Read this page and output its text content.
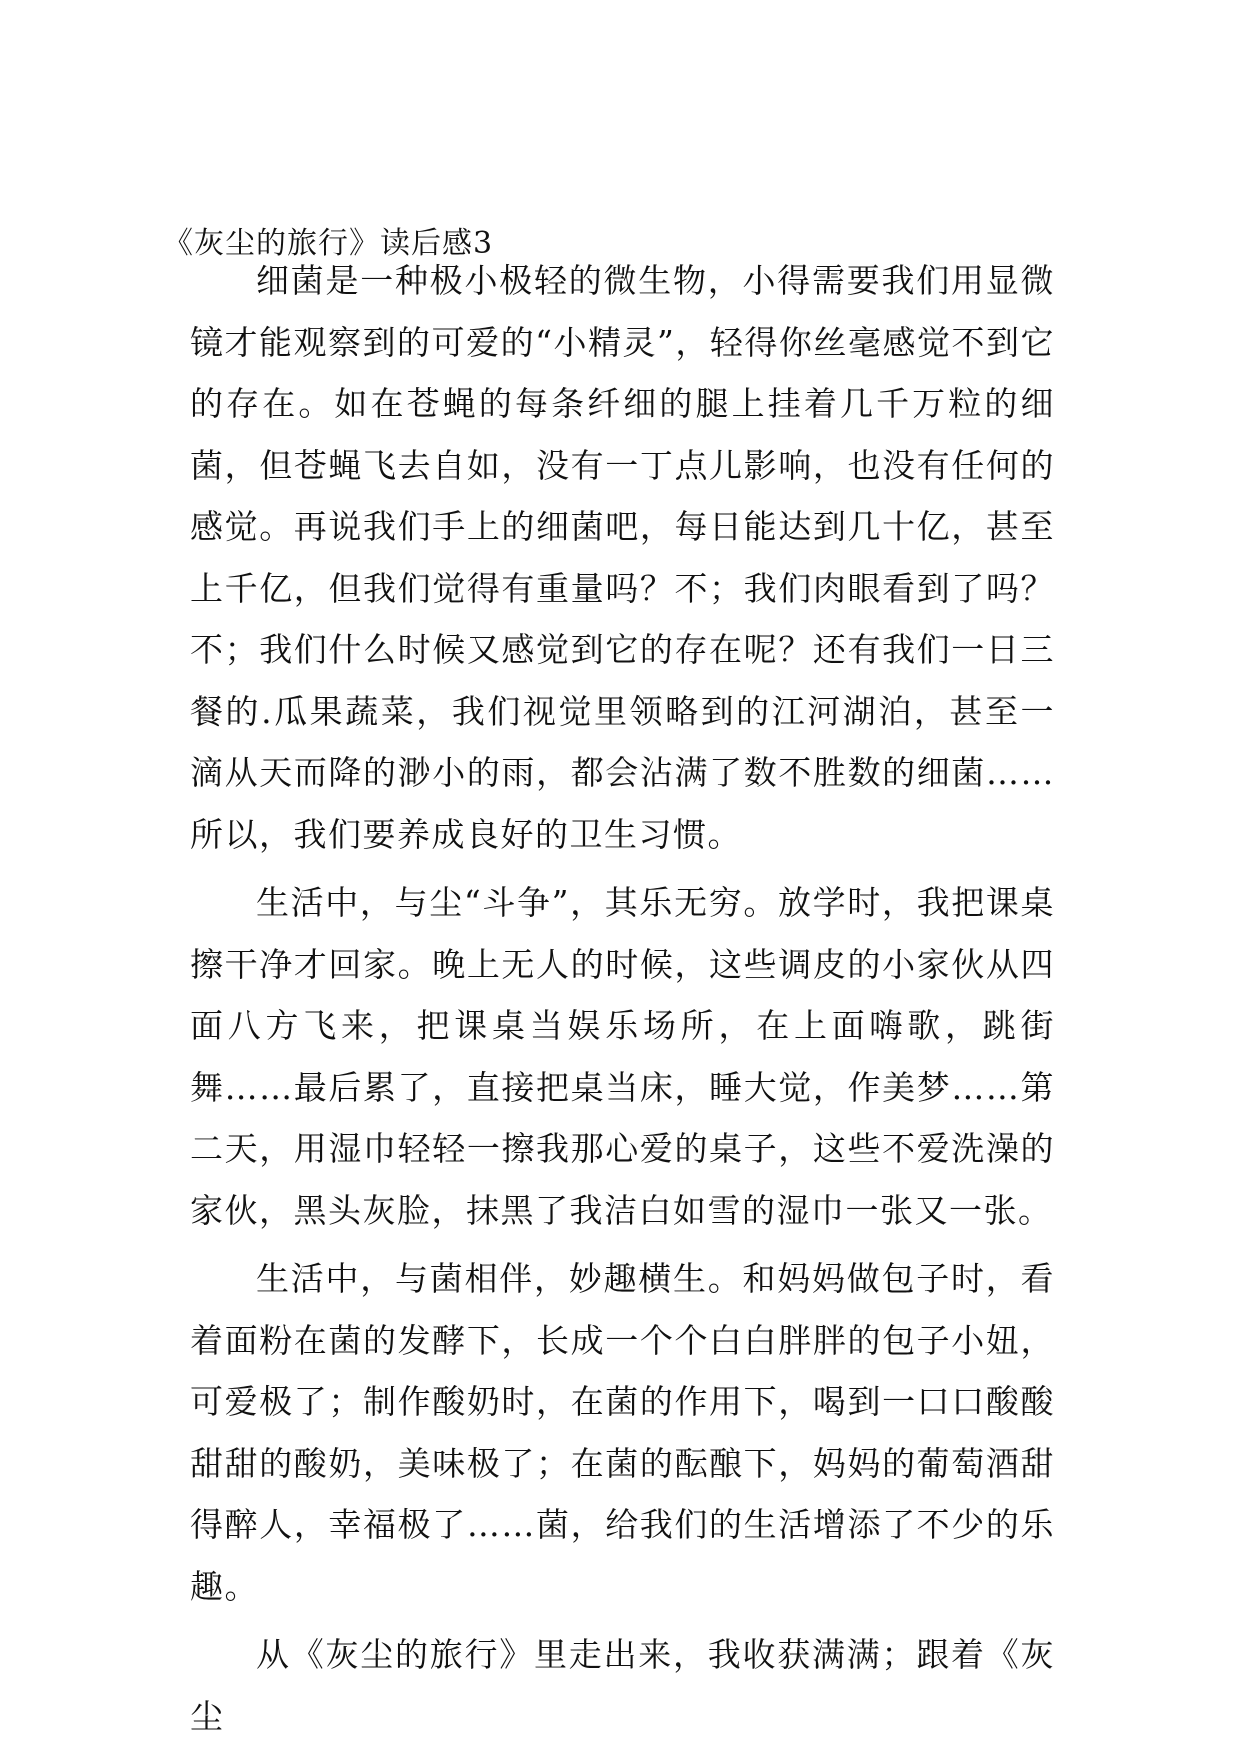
《灰尘的旅行》读后感3

细菌是一种极小极轻的微生物，小得需要我们用显微镜才能观察到的可爱的“小精灵”，轻得你丝毫感觉不到它的存在。如在苍蝇的每条纤细的腿上挂着几千万粒的细菌，但苍蝇飞去自如，没有一丁点儿影响，也没有任何的感觉。再说我们手上的细菌吧，每日能达到几十亿，甚至上千亿，但我们觉得有重量吗？不；我们肉眼看到了吗？不；我们什么时候又感觉到它的存在呢？还有我们一日三餐的.瓜果蔬菜，我们视觉里领略到的江河湖泊，甚至一滴从天而降的渺小的雨，都会沾满了数不胜数的细菌……所以，我们要养成良好的卫生习惯。

生活中，与尘“斗争”，其乐无穷。放学时，我把课桌擦干净才回家。晚上无人的时候，这些调皮的小家伙从四面八方飞来，把课桌当娱乐场所，在上面嗨歌，跳街舞……最后累了，直接把桌当床，睡大觉，作美梦……第二天，用湿巾轻轻一擦我那心爱的桌子，这些不爱洗澡的家伙，黑头灰脸，抹黑了我洁白如雪的湿巾一张又一张。

生活中，与菌相伴，妙趣横生。和妈妈做包子时，看着面粉在菌的发酵下，长成一个个白白胖胖的包子小妞，可爱极了；制作酸奶时，在菌的作用下，喝到一口口酸酸甜甜的酸奶，美味极了；在菌的酝酿下，妈妈的葡萄酒甜得醉人，幸福极了……菌，给我们的生活增添了不少的乐趣。

从《灰尘的旅行》里走出来，我收获满满；跟着《灰尘
